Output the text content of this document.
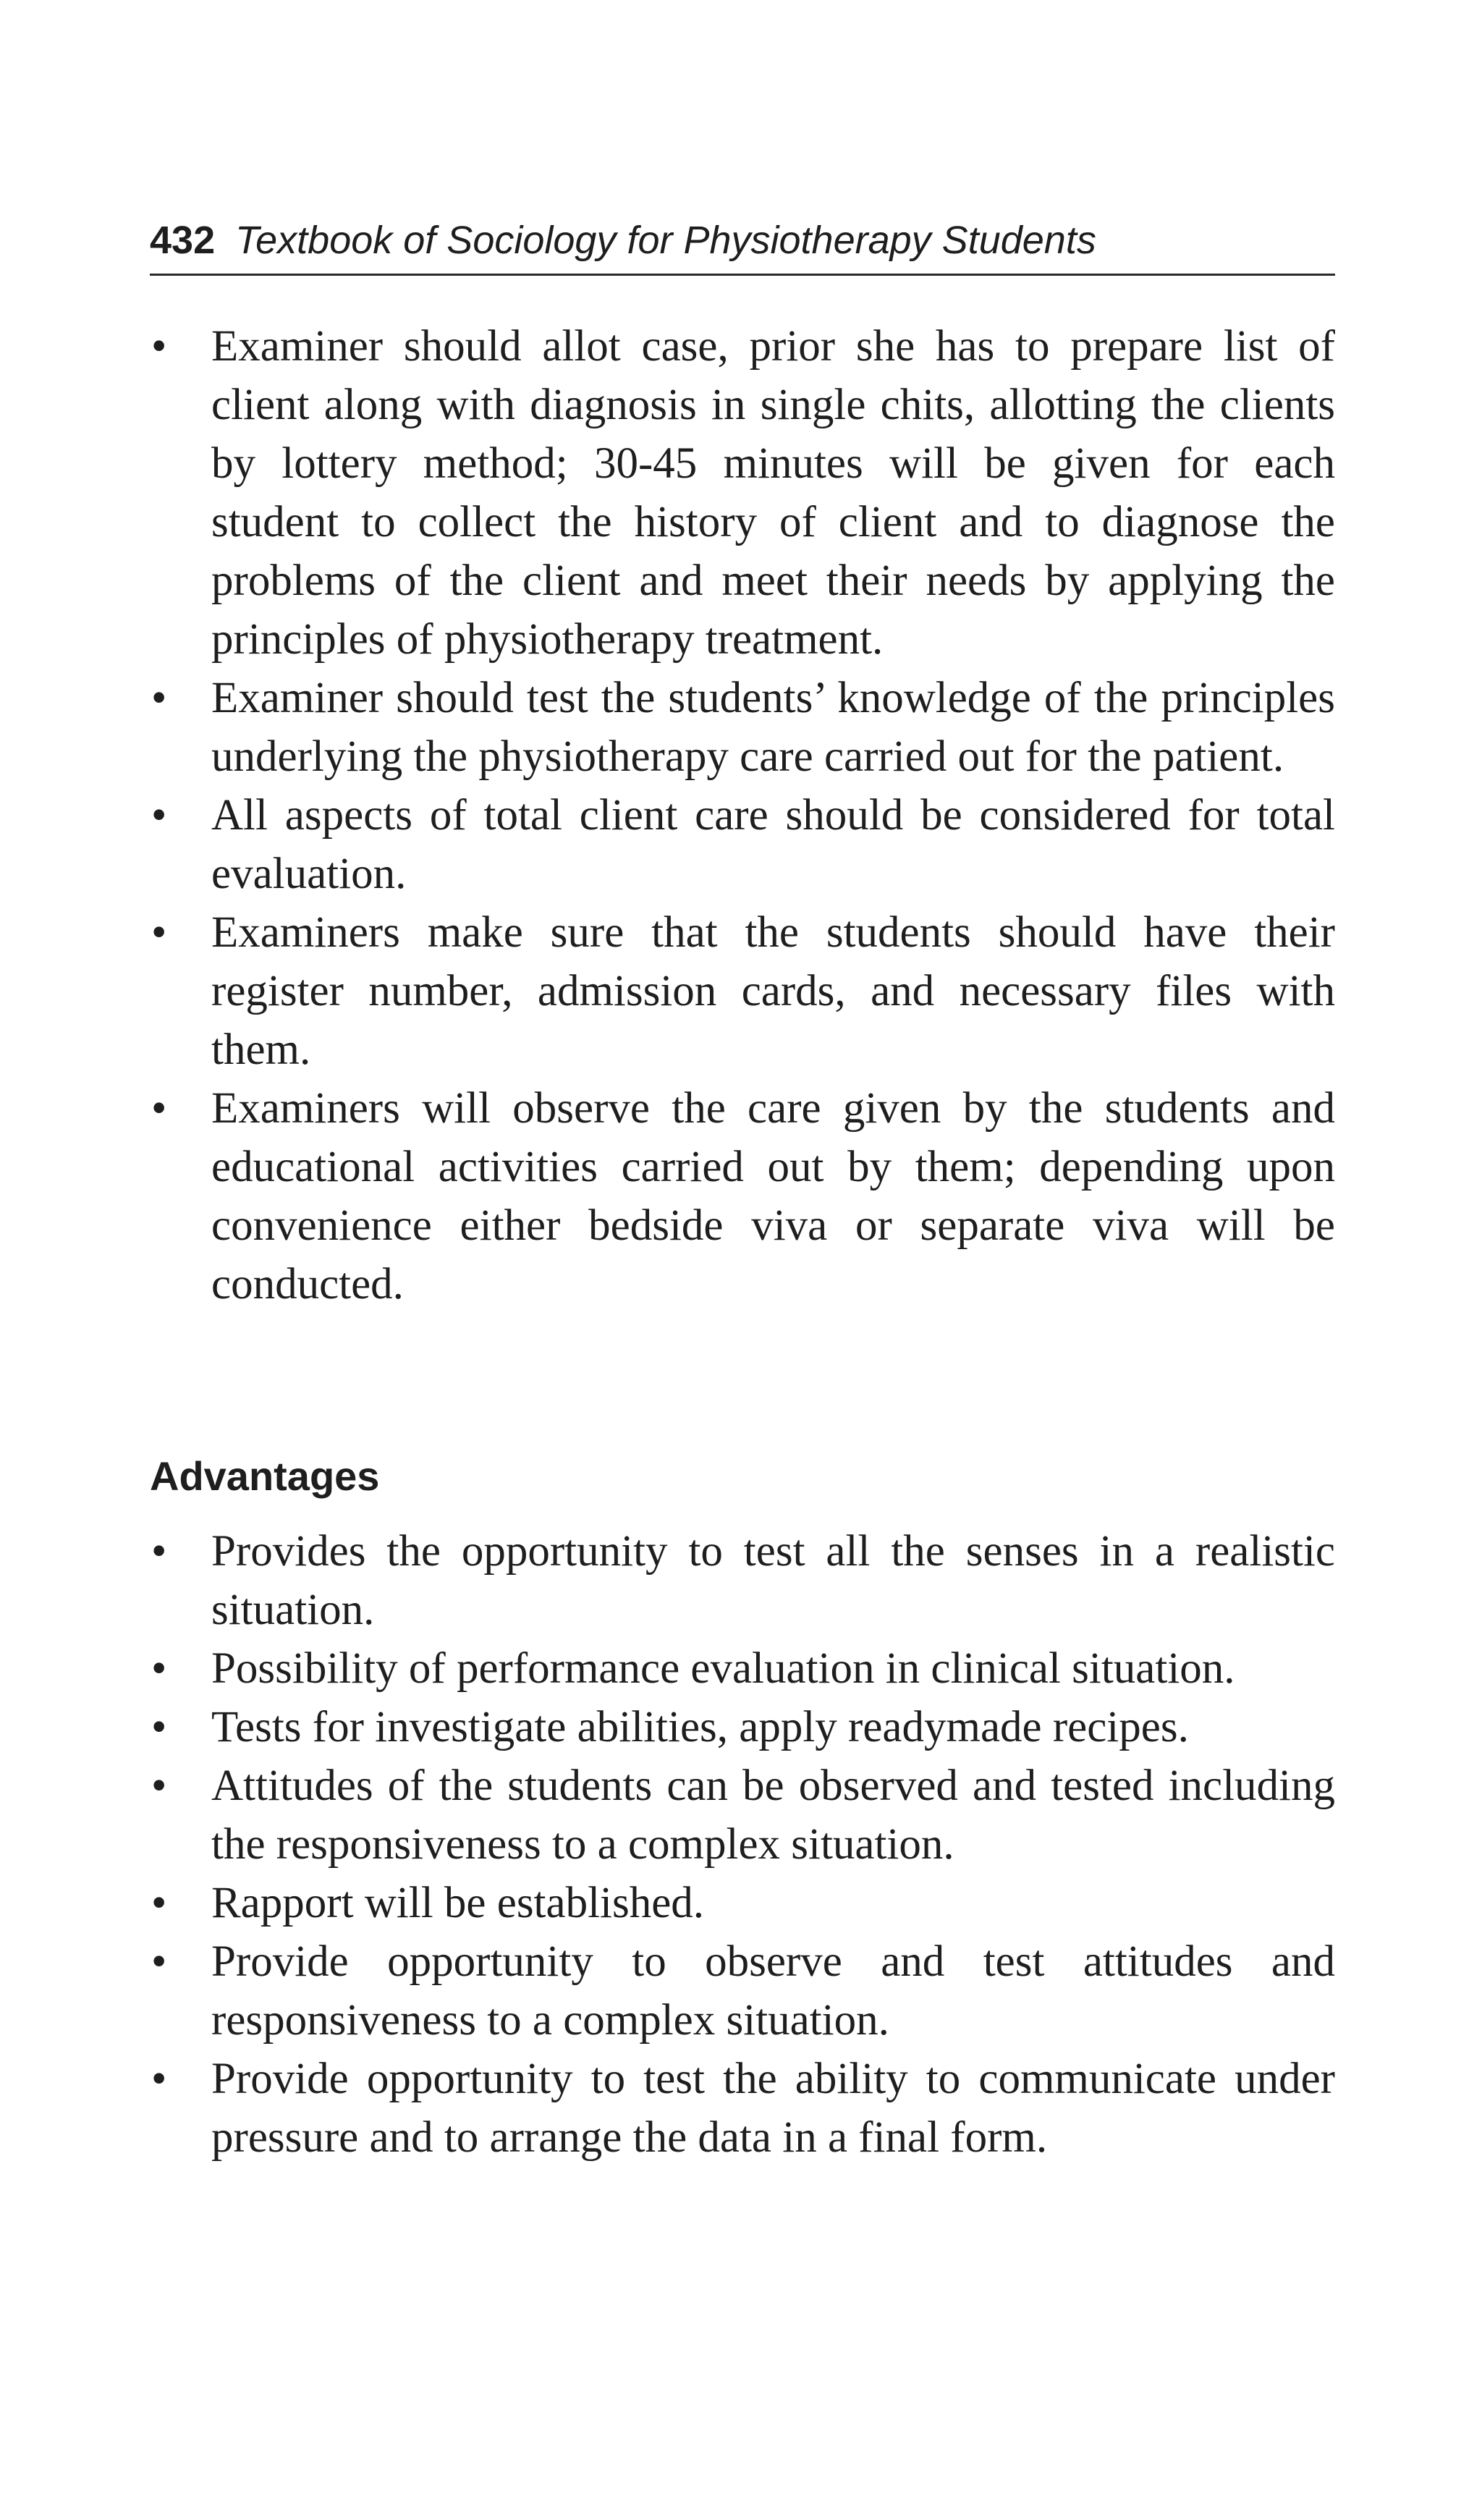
432 Textbook of Sociology for Physiotherapy Students
• Examiner should allot case, prior she has to prepare list of client along with diagnosis in single chits, allotting the clients by lottery method; 30-45 minutes will be given for each student to collect the history of client and to diagnose the problems of the client and meet their needs by applying the principles of physiotherapy treatment.
• Examiner should test the students’ knowledge of the principles underlying the physiotherapy care carried out for the patient.
• All aspects of total client care should be considered for total evaluation.
• Examiners make sure that the students should have their register number, admission cards, and necessary files with them.
• Examiners will observe the care given by the students and educational activities carried out by them; depending upon convenience either bedside viva or separate viva will be conducted.
Advantages
• Provides the opportunity to test all the senses in a realistic situation.
• Possibility of performance evaluation in clinical situation.
• Tests for investigate abilities, apply readymade recipes.
• Attitudes of the students can be observed and tested including the responsiveness to a complex situation.
• Rapport will be established.
• Provide opportunity to observe and test attitudes and responsiveness to a complex situation.
• Provide opportunity to test the ability to communicate under pressure and to arrange the data in a final form.
